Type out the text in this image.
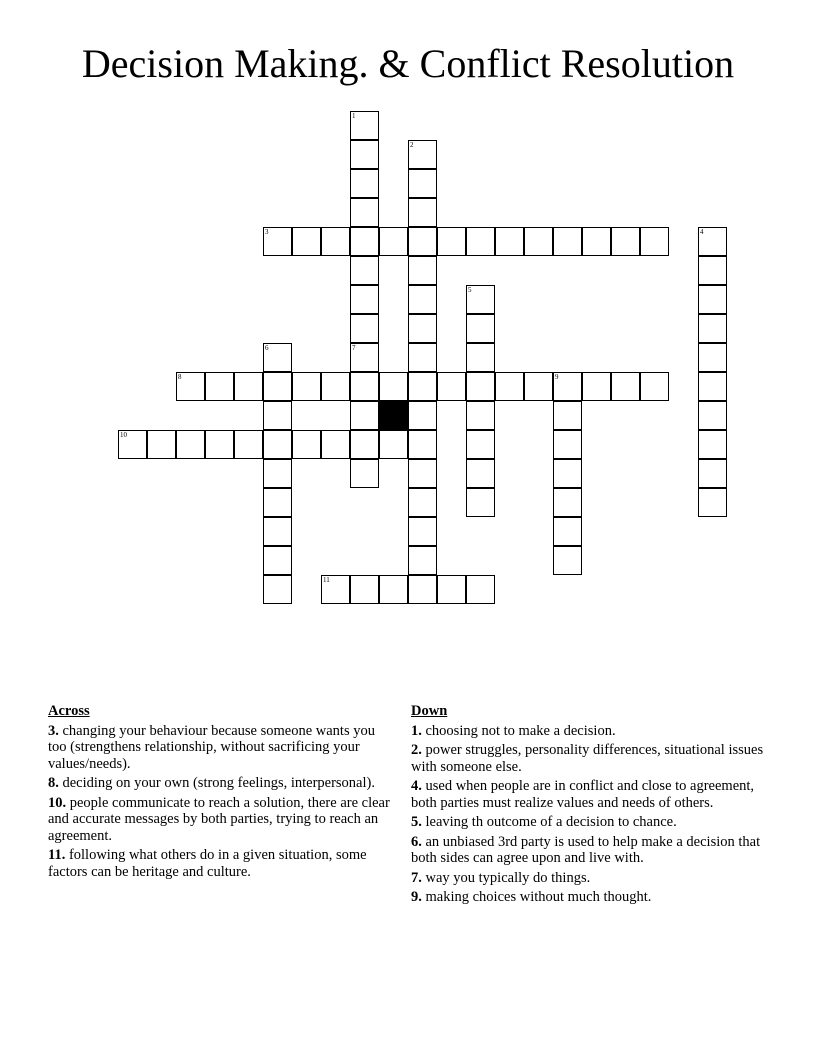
Decision Making. & Conflict Resolution
1
7
2
3	4
5
6
8	9
10
11
Across
3. changing your behaviour because someone wants you too (strengthens relationship, without sacrificing your values/needs).
8. deciding on your own (strong feelings, interpersonal).
10. people communicate to reach a solution, there are clear and accurate messages by both parties, trying to reach an agreement.
11. following what others do in a given situation, some factors can be heritage and culture.
Down
1. choosing not to make a decision.
2. power struggles, personality differences, situational issues with someone else.
4. used when people are in conflict and close to agreement, both parties must realize values and needs of others.
5. leaving th outcome of a decision to chance.
6. an unbiased 3rd party is used to help make a decision that both sides can agree upon and live with.
7. way you typically do things.
9. making choices without much thought.
